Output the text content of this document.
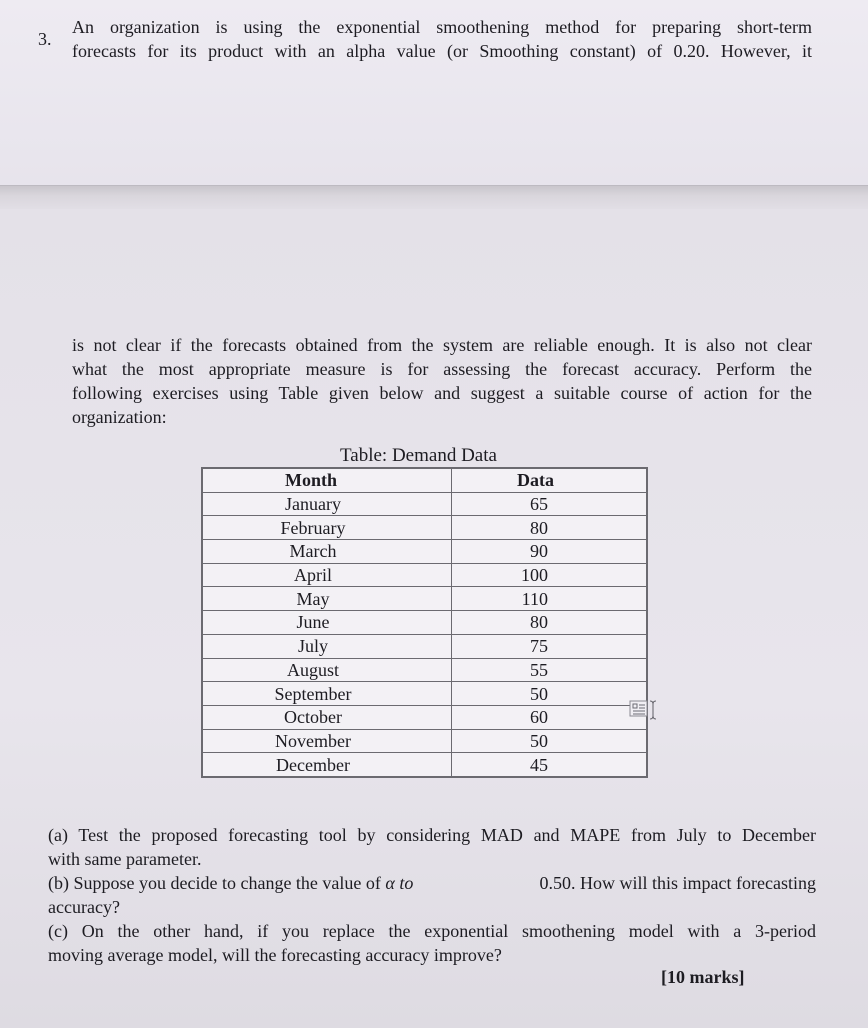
3.

An organization is using the exponential smoothening method for preparing short-term
forecasts for its product with an alpha value (or Smoothing constant) of 0.20. However, it

is not clear if the forecasts obtained from the system are reliable enough. It is also not clear
what the most appropriate measure is for assessing the forecast accuracy. Perform the
following exercises using Table given below and suggest a suitable course of action for the
organization:

Table: Demand Data
Month	Data
January	65
February	80
March	90
April	100
May	110
June	80
July	75
August	55
September	50
October	60
November	50
December	45

(a) Test the proposed forecasting tool by considering MAD and MAPE from July to December
with same parameter.

(b) Suppose you decide to change the value of α to	0.50. How will this impact forecasting
accuracy?

(c) On the other hand, if you replace the exponential smoothening model with a 3-period
moving average model, will the forecasting accuracy improve?

[10 marks]
